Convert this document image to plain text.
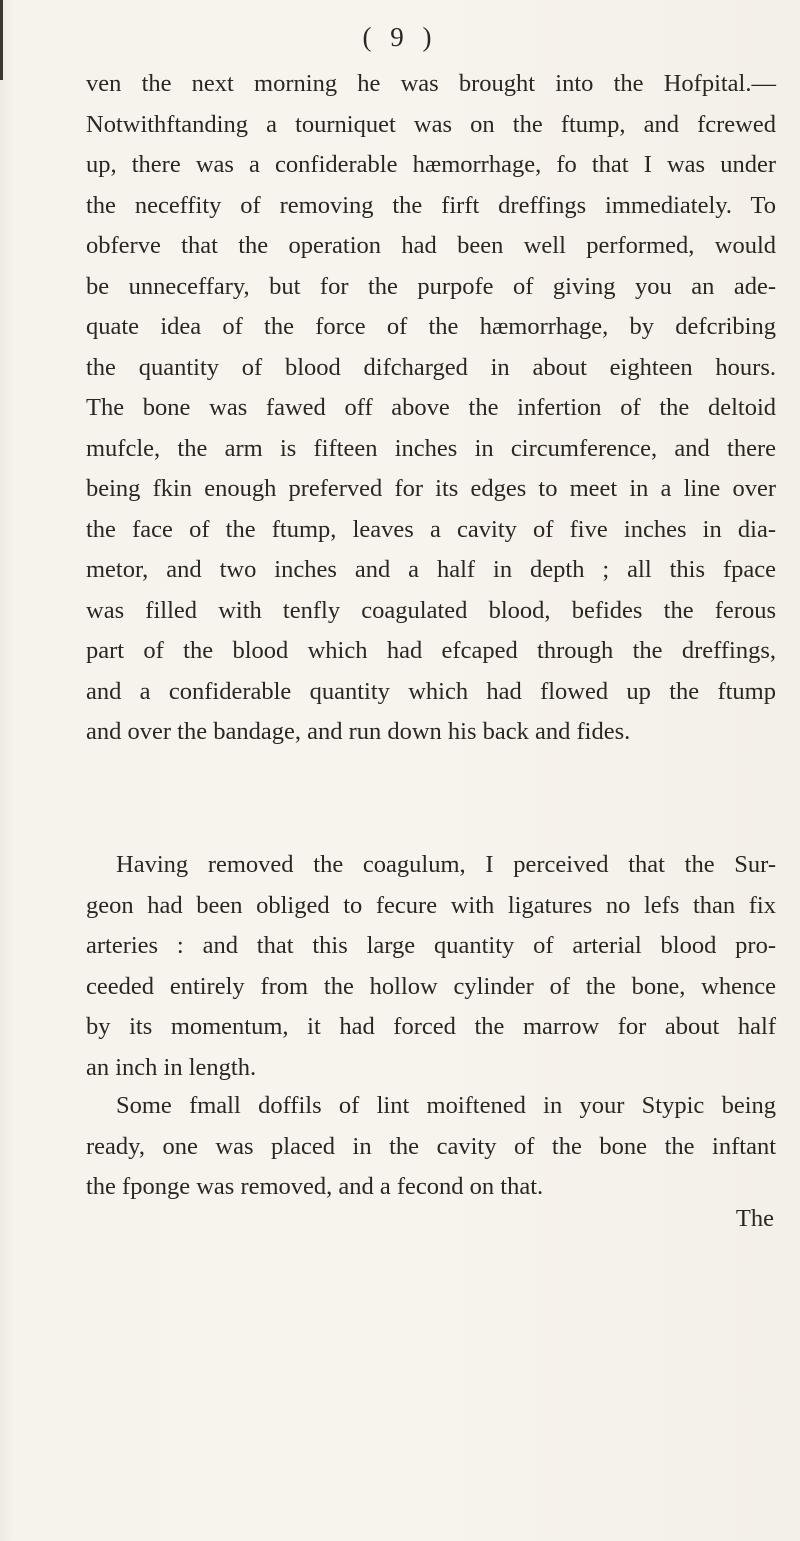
( 9 )
ven the next morning he was brought into the Hofpital.—
Notwithftanding a tourniquet was on the ftump, and fcrewed
up, there was a confiderable hæmorrhage, fo that I was under
the neceffity of removing the firft dreffings immediately. To
obferve that the operation had been well performed, would
be unneceffary, but for the purpofe of giving you an ade-
quate idea of the force of the hæmorrhage, by defcribing
the quantity of blood difcharged in about eighteen hours.
The bone was fawed off above the infertion of the deltoid
mufcle, the arm is fifteen inches in circumference, and there
being fkin enough preferved for its edges to meet in a line over
the face of the ftump, leaves a cavity of five inches in dia-
metor, and two inches and a half in depth ; all this fpace
was filled with tenfly coagulated blood, befides the ferous
part of the blood which had efcaped through the dreffings,
and a confiderable quantity which had flowed up the ftump
and over the bandage, and run down his back and fides.
Having removed the coagulum, I perceived that the Sur-
geon had been obliged to fecure with ligatures no lefs than fix
arteries : and that this large quantity of arterial blood pro-
ceeded entirely from the hollow cylinder of the bone, whence
by its momentum, it had forced the marrow for about half
an inch in length.
Some fmall doffils of lint moiftened in your Stypic being
ready, one was placed in the cavity of the bone the inftant
the fponge was removed, and a fecond on that.
The
